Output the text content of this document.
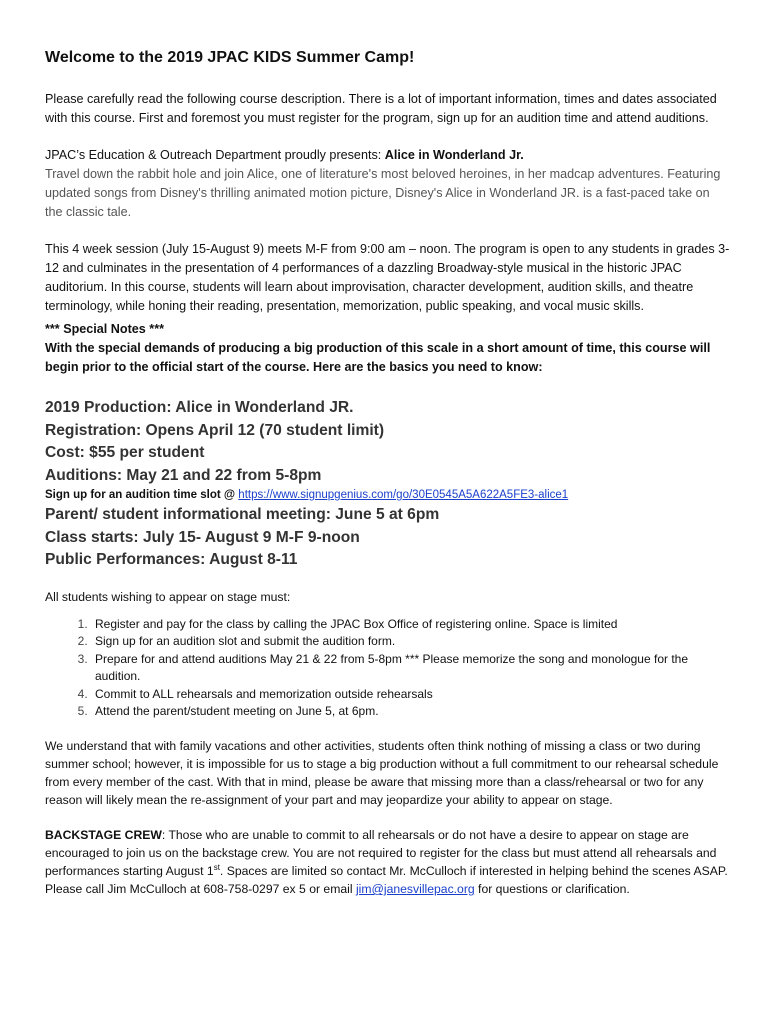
Welcome to the 2019 JPAC KIDS Summer Camp!

Please carefully read the following course description. There is a lot of important information, times and dates associated with this course. First and foremost you must register for the program, sign up for an audition time and attend auditions.

JPAC’s Education & Outreach Department proudly presents: Alice in Wonderland Jr.

Travel down the rabbit hole and join Alice, one of literature's most beloved heroines, in her madcap adventures. Featuring updated songs from Disney's thrilling animated motion picture, Disney's Alice in Wonderland JR. is a fast-paced take on the classic tale.

This 4 week session (July 15-August 9) meets M-F from 9:00 am – noon. The program is open to any students in grades 3-12 and culminates in the presentation of 4 performances of a dazzling Broadway-style musical in the historic JPAC auditorium. In this course, students will learn about improvisation, character development, audition skills, and theatre terminology, while honing their reading, presentation, memorization, public speaking, and vocal music skills.

*** Special Notes ***
With the special demands of producing a big production of this scale in a short amount of time, this course will begin prior to the official start of the course. Here are the basics you need to know:

2019 Production: Alice in Wonderland JR.

Registration: Opens April 12 (70 student limit)

Cost: $55 per student

Auditions: May 21 and 22 from 5-8pm

Sign up for an audition time slot @ https://www.signupgenius.com/go/30E0545A5A622A5FE3-alice1

Parent/ student informational meeting: June 5 at 6pm

Class starts: July 15- August 9 M-F 9-noon

Public Performances: August 8-11

All students wishing to appear on stage must:

1. Register and pay for the class by calling the JPAC Box Office of registering online. Space is limited
2. Sign up for an audition slot and submit the audition form.
3. Prepare for and attend auditions May 21 & 22 from 5-8pm *** Please memorize the song and monologue for the audition.
4. Commit to ALL rehearsals and memorization outside rehearsals
5. Attend the parent/student meeting on June 5, at 6pm.

We understand that with family vacations and other activities, students often think nothing of missing a class or two during summer school; however, it is impossible for us to stage a big production without a full commitment to our rehearsal schedule from every member of the cast. With that in mind, please be aware that missing more than a class/rehearsal or two for any reason will likely mean the re-assignment of your part and may jeopardize your ability to appear on stage.

BACKSTAGE CREW: Those who are unable to commit to all rehearsals or do not have a desire to appear on stage are encouraged to join us on the backstage crew. You are not required to register for the class but must attend all rehearsals and performances starting August 1st. Spaces are limited so contact Mr. McCulloch if interested in helping behind the scenes ASAP. Please call Jim McCulloch at 608-758-0297 ex 5 or email jim@janesvillepac.org for questions or clarification.
